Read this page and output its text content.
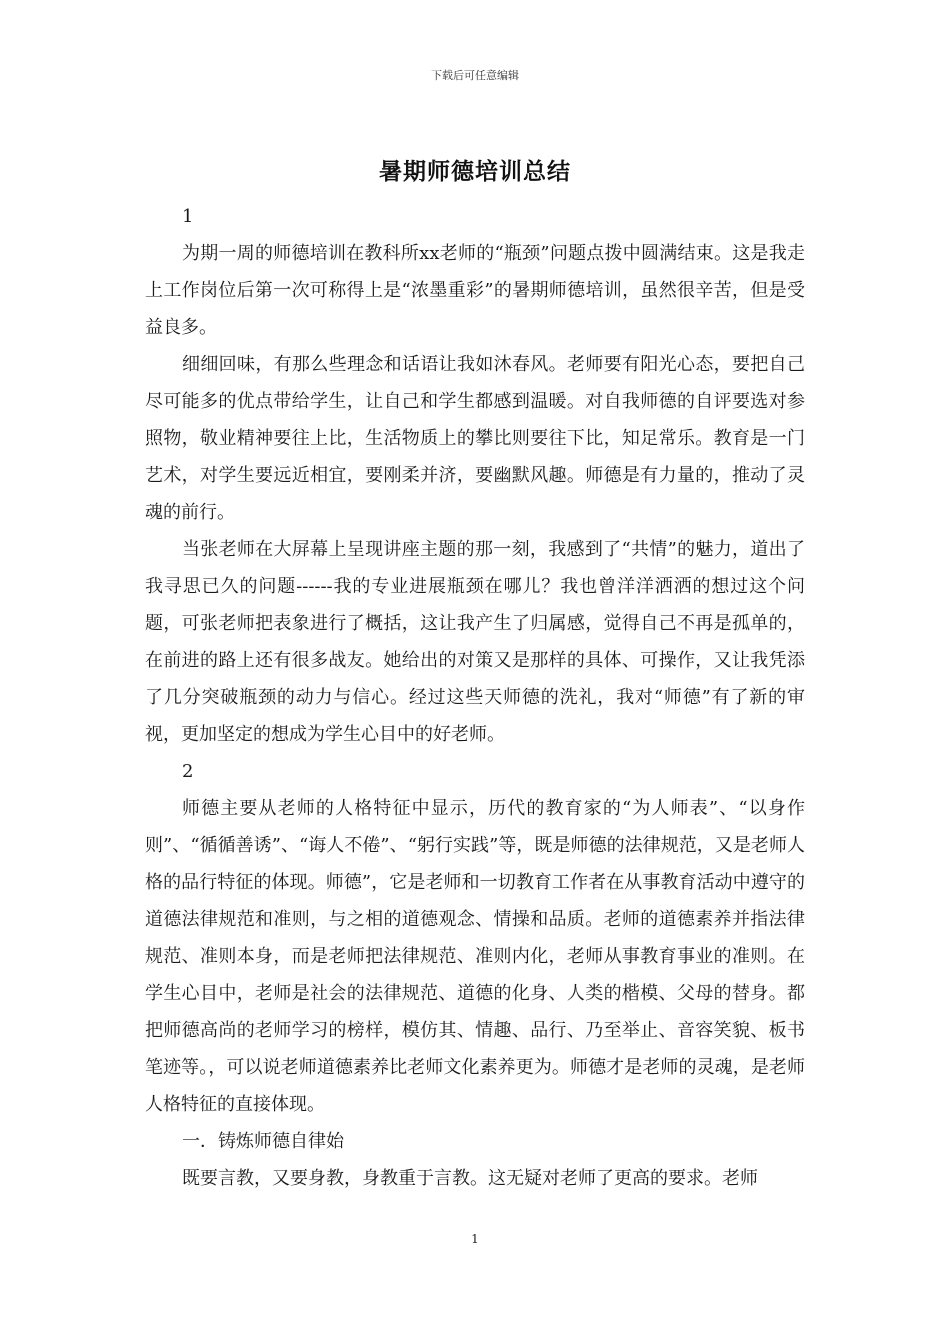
下载后可任意编辑
暑期师德培训总结

1

为期一周的师德培训在教科所xx老师的“瓶颈”问题点拨中圆满结束。这是我走上工作岗位后第一次可称得上是“浓墨重彩”的暑期师德培训，虽然很辛苦，但是受益良多。

细细回味，有那么些理念和话语让我如沐春风。老师要有阳光心态，要把自己尽可能多的优点带给学生，让自己和学生都感到温暖。对自我师德的自评要选对参照物，敬业精神要往上比，生活物质上的攀比则要往下比，知足常乐。教育是一门艺术，对学生要远近相宜，要刚柔并济，要幽默风趣。师德是有力量的，推动了灵魂的前行。

当张老师在大屏幕上呈现讲座主题的那一刻，我感到了“共情”的魅力，道出了我寻思已久的问题------我的专业进展瓶颈在哪儿？我也曾洋洋洒洒的想过这个问题，可张老师把表象进行了概括，这让我产生了归属感，觉得自己不再是孤单的，在前进的路上还有很多战友。她给出的对策又是那样的具体、可操作，又让我凭添了几分突破瓶颈的动力与信心。经过这些天师德的洗礼，我对“师德”有了新的审视，更加坚定的想成为学生心目中的好老师。

2

师德主要从老师的人格特征中显示，历代的教育家的“为人师表”、“以身作则”、“循循善诱”、“诲人不倦”、“躬行实践”等，既是师德的法律规范，又是老师人格的品行特征的体现。师德”，它是老师和一切教育工作者在从事教育活动中遵守的道德法律规范和准则，与之相的道德观念、情操和品质。老师的道德素养并指法律规范、准则本身，而是老师把法律规范、准则内化，老师从事教育事业的准则。在学生心目中，老师是社会的法律规范、道德的化身、人类的楷模、父母的替身。都把师德高尚的老师学习的榜样，模仿其、情趣、品行、乃至举止、音容笑貌、板书笔迹等。，可以说老师道德素养比老师文化素养更为。师德才是老师的灵魂，是老师人格特征的直接体现。

一．铸炼师德自律始

既要言教，又要身教，身教重于言教。这无疑对老师了更高的要求。老师

1
